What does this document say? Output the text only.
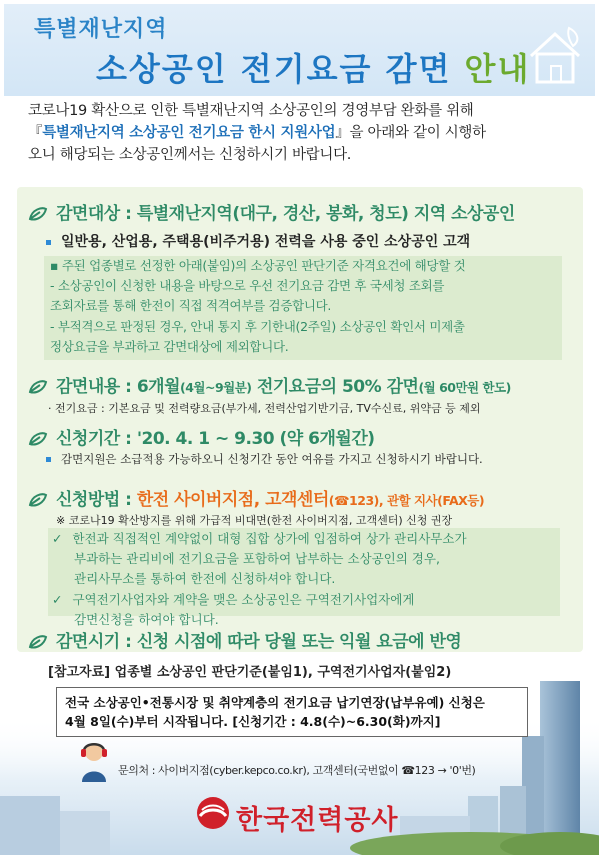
특별재난지역
소상공인 전기요금 감면 안내
코로나19 확산으로 인한 특별재난지역 소상공인의 경영부담 완화를 위해
『특별재난지역 소상공인 전기요금 한시 지원사업』을 아래와 같이 시행하
오니 해당되는 소상공인께서는 신청하시기 바랍니다.
감면대상 : 특별재난지역(대구, 경산, 봉화, 청도) 지역 소상공인
일반용, 산업용, 주택용(비주거용) 전력을 사용 중인 소상공인 고객
▪ 주된 업종별로 선정한 아래(붙임)의 소상공인 판단기준 자격요건에 해당할 것
- 소상공인이 신청한 내용을 바탕으로 우선 전기요금 감면 후 국세청 조회를
조회자료를 통해 한전이 직접 적격여부를 검증합니다.
- 부적격으로 판정된 경우, 안내 통지 후 기한내(2주일) 소상공인 확인서 미제출
정상요금을 부과하고 감면대상에 제외합니다.
감면내용 : 6개월(4월~9월분) 전기요금의 50% 감면(월 60만원 한도)
· 전기요금 : 기본요금 및 전력량요금(부가세, 전력산업기반기금, TV수신료, 위약금 등 제외
신청기간 : '20. 4. 1 ~ 9.30 (약 6개월간)
감면지원은 소급적용 가능하오니 신청기간 동안 여유를 가지고 신청하시기 바랍니다.
신청방법 : 한전 사이버지점, 고객센터(☎123), 관할 지사(FAX등)
※ 코로나19 확산방지를 위해 가급적 비대면(한전 사이버지점, 고객센터) 신청 권장
✓ 한전과 직접적인 계약없이 대형 집합 상가에 입점하여 상가 관리사무소가
부과하는 관리비에 전기요금을 포함하여 납부하는 소상공인의 경우,
관리사무소를 통하여 한전에 신청하셔야 합니다.
✓ 구역전기사업자와 계약을 맺은 소상공인은 구역전기사업자에게
감면신청을 하여야 합니다.
감면시기 : 신청 시점에 따라 당월 또는 익월 요금에 반영
[참고자료] 업종별 소상공인 판단기준(붙임1), 구역전기사업자(붙임2)
전국 소상공인•전통시장 및 취약계층의 전기요금 납기연장(납부유예) 신청은
4월 8일(수)부터 시작됩니다. [신청기간 : 4.8(수)~6.30(화)까지]
문의처 : 사이버지점(cyber.kepco.co.kr), 고객센터(국번없이 ☎123 → '0'번)
한국전력공사
